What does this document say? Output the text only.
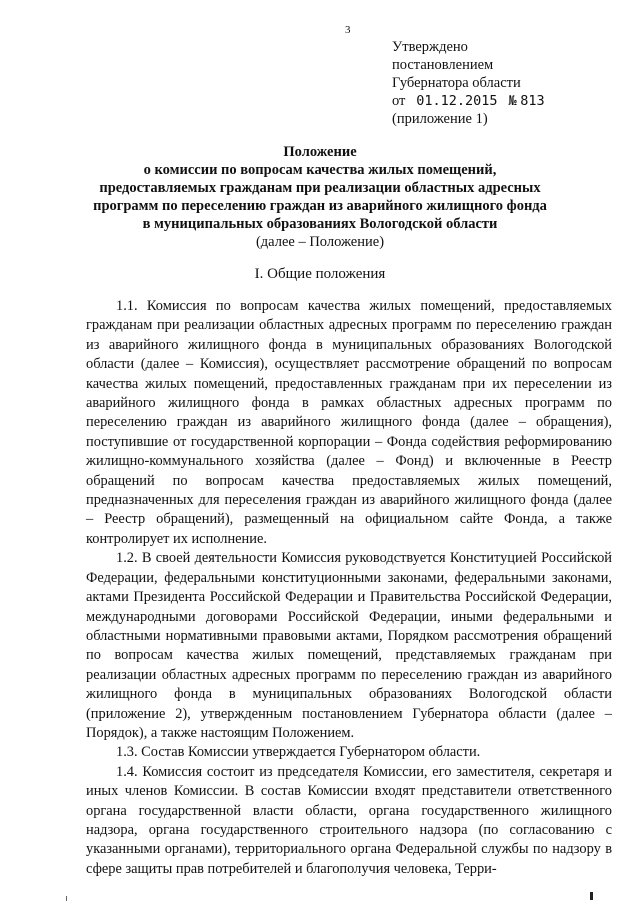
3
Утверждено
постановлением
Губернатора области
от 01.12.2015 № 813
(приложение 1)
Положение
о комиссии по вопросам качества жилых помещений,
предоставляемых гражданам при реализации областных адресных
программ по переселению граждан из аварийного жилищного фонда
в муниципальных образованиях Вологодской области
(далее – Положение)
I. Общие положения

1.1. Комиссия по вопросам качества жилых помещений, предоставляемых гражданам при реализации областных адресных программ по переселению граждан из аварийного жилищного фонда в муниципальных образованиях Вологодской области (далее – Комиссия), осуществляет рассмотрение обращений по вопросам качества жилых помещений, предоставленных гражданам при их переселении из аварийного жилищного фонда в рамках областных адресных программ по переселению граждан из аварийного жилищного фонда (далее – обращения), поступившие от государственной корпорации – Фонда содействия реформированию жилищно-коммунального хозяйства (далее – Фонд) и включенные в Реестр обращений по вопросам качества предоставляемых жилых помещений, предназначенных для переселения граждан из аварийного жилищного фонда (далее – Реестр обращений), размещенный на официальном сайте Фонда, а также контролирует их исполнение.

1.2. В своей деятельности Комиссия руководствуется Конституцией Российской Федерации, федеральными конституционными законами, федеральными законами, актами Президента Российской Федерации и Правительства Российской Федерации, международными договорами Российской Федерации, иными федеральными и областными нормативными правовыми актами, Порядком рассмотрения обращений по вопросам качества жилых помещений, представляемых гражданам при реализации областных адресных программ по переселению граждан из аварийного жилищного фонда в муниципальных образованиях Вологодской области (приложение 2), утвержденным постановлением Губернатора области (далее – Порядок), а также настоящим Положением.

1.3. Состав Комиссии утверждается Губернатором области.

1.4. Комиссия состоит из председателя Комиссии, его заместителя, секретаря и иных членов Комиссии. В состав Комиссии входят представители ответственного органа государственной власти области, органа государственного жилищного надзора, органа государственного строительного надзора (по согласованию с указанными органами), территориального органа Федеральной службы по надзору в сфере защиты прав потребителей и благополучия человека, Терри-
